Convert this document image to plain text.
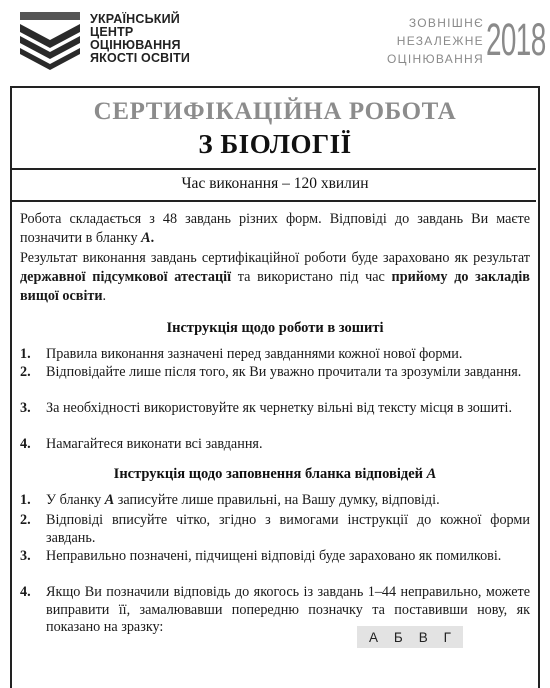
УКРАЇНСЬКИЙ
ЦЕНТР
ОЦІНЮВАННЯ
ЯКОСТІ ОСВІТИ
ЗОВНІШНЄ
НЕЗАЛЕЖНЕ
ОЦІНЮВАННЯ 2018
СЕРТИФІКАЦІЙНА РОБОТА
З БІОЛОГІЇ
Час виконання – 120 хвилин
Робота складається з 48 завдань різних форм. Відповіді до завдань Ви маєте позначити в бланку А.
Результат виконання завдань сертифікаційної роботи буде зараховано як результат державної підсумкової атестації та використано під час прийому до закладів вищої освіти.
Інструкція щодо роботи в зошиті
1. Правила виконання зазначені перед завданнями кожної нової форми.
2. Відповідайте лише після того, як Ви уважно прочитали та зрозуміли завдання.
3. За необхідності використовуйте як чернетку вільні від тексту місця в зошиті.
4. Намагайтеся виконати всі завдання.
Інструкція щодо заповнення бланка відповідей А
1. У бланку А записуйте лише правильні, на Вашу думку, відповіді.
2. Відповіді вписуйте чітко, згідно з вимогами інструкції до кожної форми завдань.
3. Неправильно позначені, підчищені відповіді буде зараховано як помилкові.
4. Якщо Ви позначили відповідь до якогось із завдань 1–44 неправильно, можете виправити її, замалювавши попередню позначку та поставивши нову, як показано на зразку:
А Б В Г
